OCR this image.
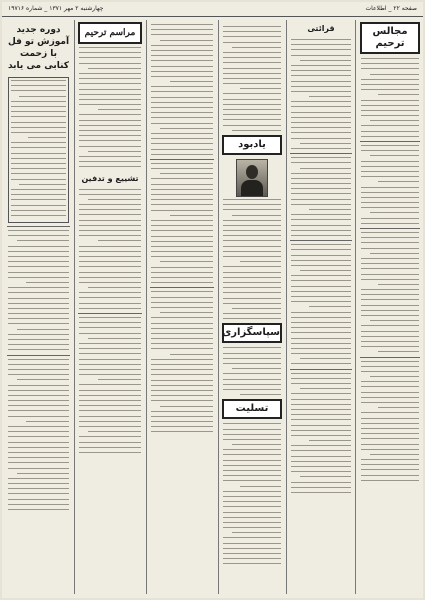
صفحه ۲۲ _ اطلاعات
چهارشنبه ۲ مهر ۱۳۷۱ _ شماره ۱۹۷۱۶
مجالس ترحیم
قرائتی
یادبود
سپاسگزاری
تسلیت
مراسم ترحیم
تشییع و تدفین
دوره جدید آموزش تو فل با زحمت کنابی می یابد
